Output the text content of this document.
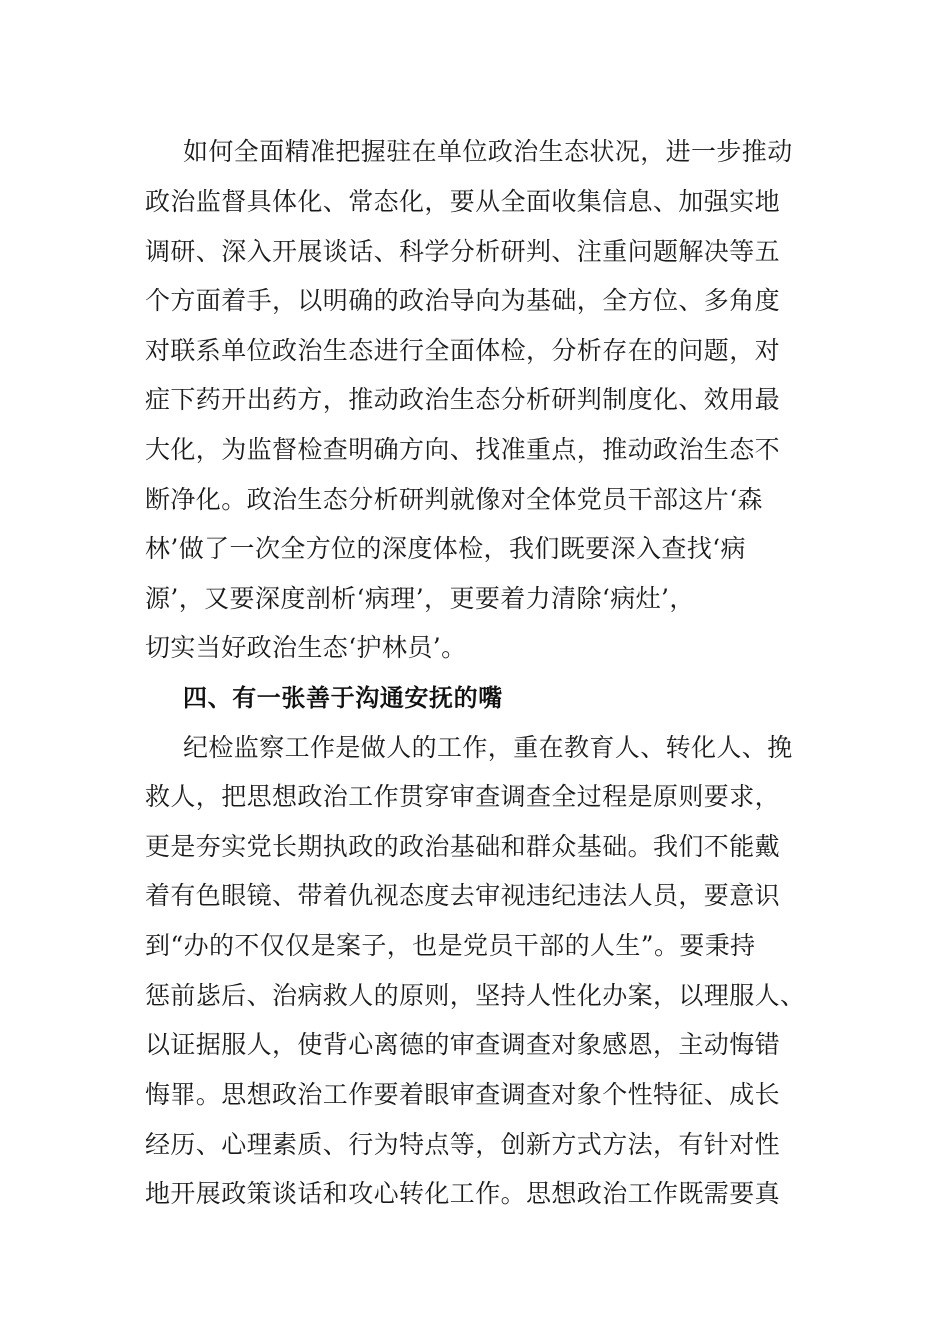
如何全面精准把握驻在单位政治生态状况，进一步推动

政治监督具体化、常态化，要从全面收集信息、加强实地

调研、深入开展谈话、科学分析研判、注重问题解决等五

个方面着手，以明确的政治导向为基础，全方位、多角度

对联系单位政治生态进行全面体检，分析存在的问题，对

症下药开出药方，推动政治生态分析研判制度化、效用最

大化，为监督检查明确方向、找准重点，推动政治生态不

断净化。政治生态分析研判就像对全体党员干部这片‘森

林’做了一次全方位的深度体检，我们既要深入查找‘病

源’，又要深度剖析‘病理’，更要着力清除‘病灶’，

切实当好政治生态‘护林员’。

四、有一张善于沟通安抚的嘴

纪检监察工作是做人的工作，重在教育人、转化人、挽

救人，把思想政治工作贯穿审查调查全过程是原则要求，

更是夯实党长期执政的政治基础和群众基础。我们不能戴

着有色眼镜、带着仇视态度去审视违纪违法人员，要意识

到“办的不仅仅是案子，也是党员干部的人生”。要秉持

惩前毖后、治病救人的原则，坚持人性化办案，以理服人、

以证据服人，使背心离德的审查调查对象感恩，主动悔错

悔罪。思想政治工作要着眼审查调查对象个性特征、成长

经历、心理素质、行为特点等，创新方式方法，有针对性

地开展政策谈话和攻心转化工作。思想政治工作既需要真
